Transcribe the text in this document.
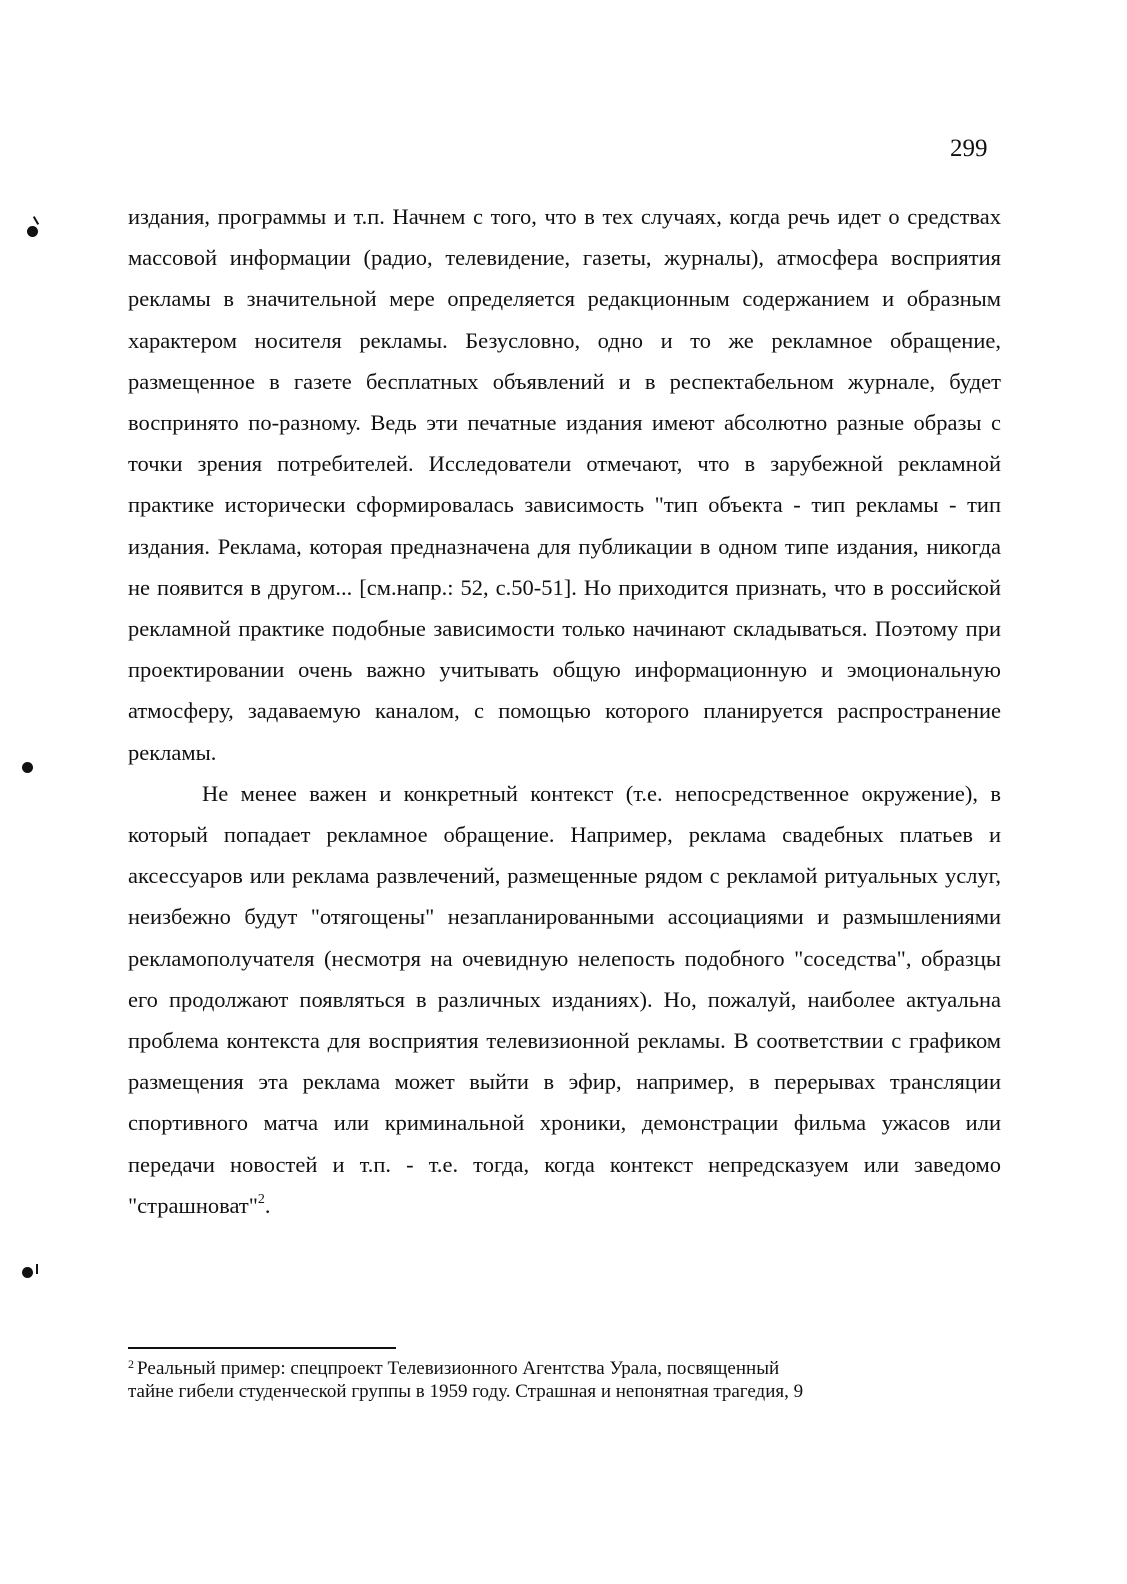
299

издания, программы и т.п. Начнем с того, что в тех случаях, когда речь идет о средствах массовой информации (радио, телевидение, газеты, журналы), атмосфера восприятия рекламы в значительной мере определяется редакционным содержанием и образным характером носителя рекламы. Безусловно, одно и то же рекламное обращение, размещенное в газете бесплатных объявлений и в респектабельном журнале, будет воспринято по-разному. Ведь эти печатные издания имеют абсолютно разные образы с точки зрения потребителей. Исследователи отмечают, что в зарубежной рекламной практике исторически сформировалась зависимость "тип объекта - тип рекламы - тип издания. Реклама, которая предназначена для публикации в одном типе издания, никогда не появится в другом... [см.напр.: 52, с.50-51]. Но приходится признать, что в российской рекламной практике подобные зависимости только начинают складываться. Поэтому при проектировании очень важно учитывать общую информационную и эмоциональную атмосферу, задаваемую каналом, с помощью которого планируется распространение рекламы.

Не менее важен и конкретный контекст (т.е. непосредственное окружение), в который попадает рекламное обращение. Например, реклама свадебных платьев и аксессуаров или реклама развлечений, размещенные рядом с рекламой ритуальных услуг, неизбежно будут "отягощены" незапланированными ассоциациями и размышлениями рекламополучателя (несмотря на очевидную нелепость подобного "соседства", образцы его продолжают появляться в различных изданиях). Но, пожалуй, наиболее актуальна проблема контекста для восприятия телевизионной рекламы. В соответствии с графиком размещения эта реклама может выйти в эфир, например, в перерывах трансляции спортивного матча или криминальной хроники, демонстрации фильма ужасов или передачи новостей и т.п. - т.е. тогда, когда контекст непредсказуем или заведомо "страшноват"$^2$.

$^2$ Реальный пример: спецпроект Телевизионного Агентства Урала, посвященный
тайне гибели студенческой группы в 1959 году. Страшная и непонятная трагедия, 9
